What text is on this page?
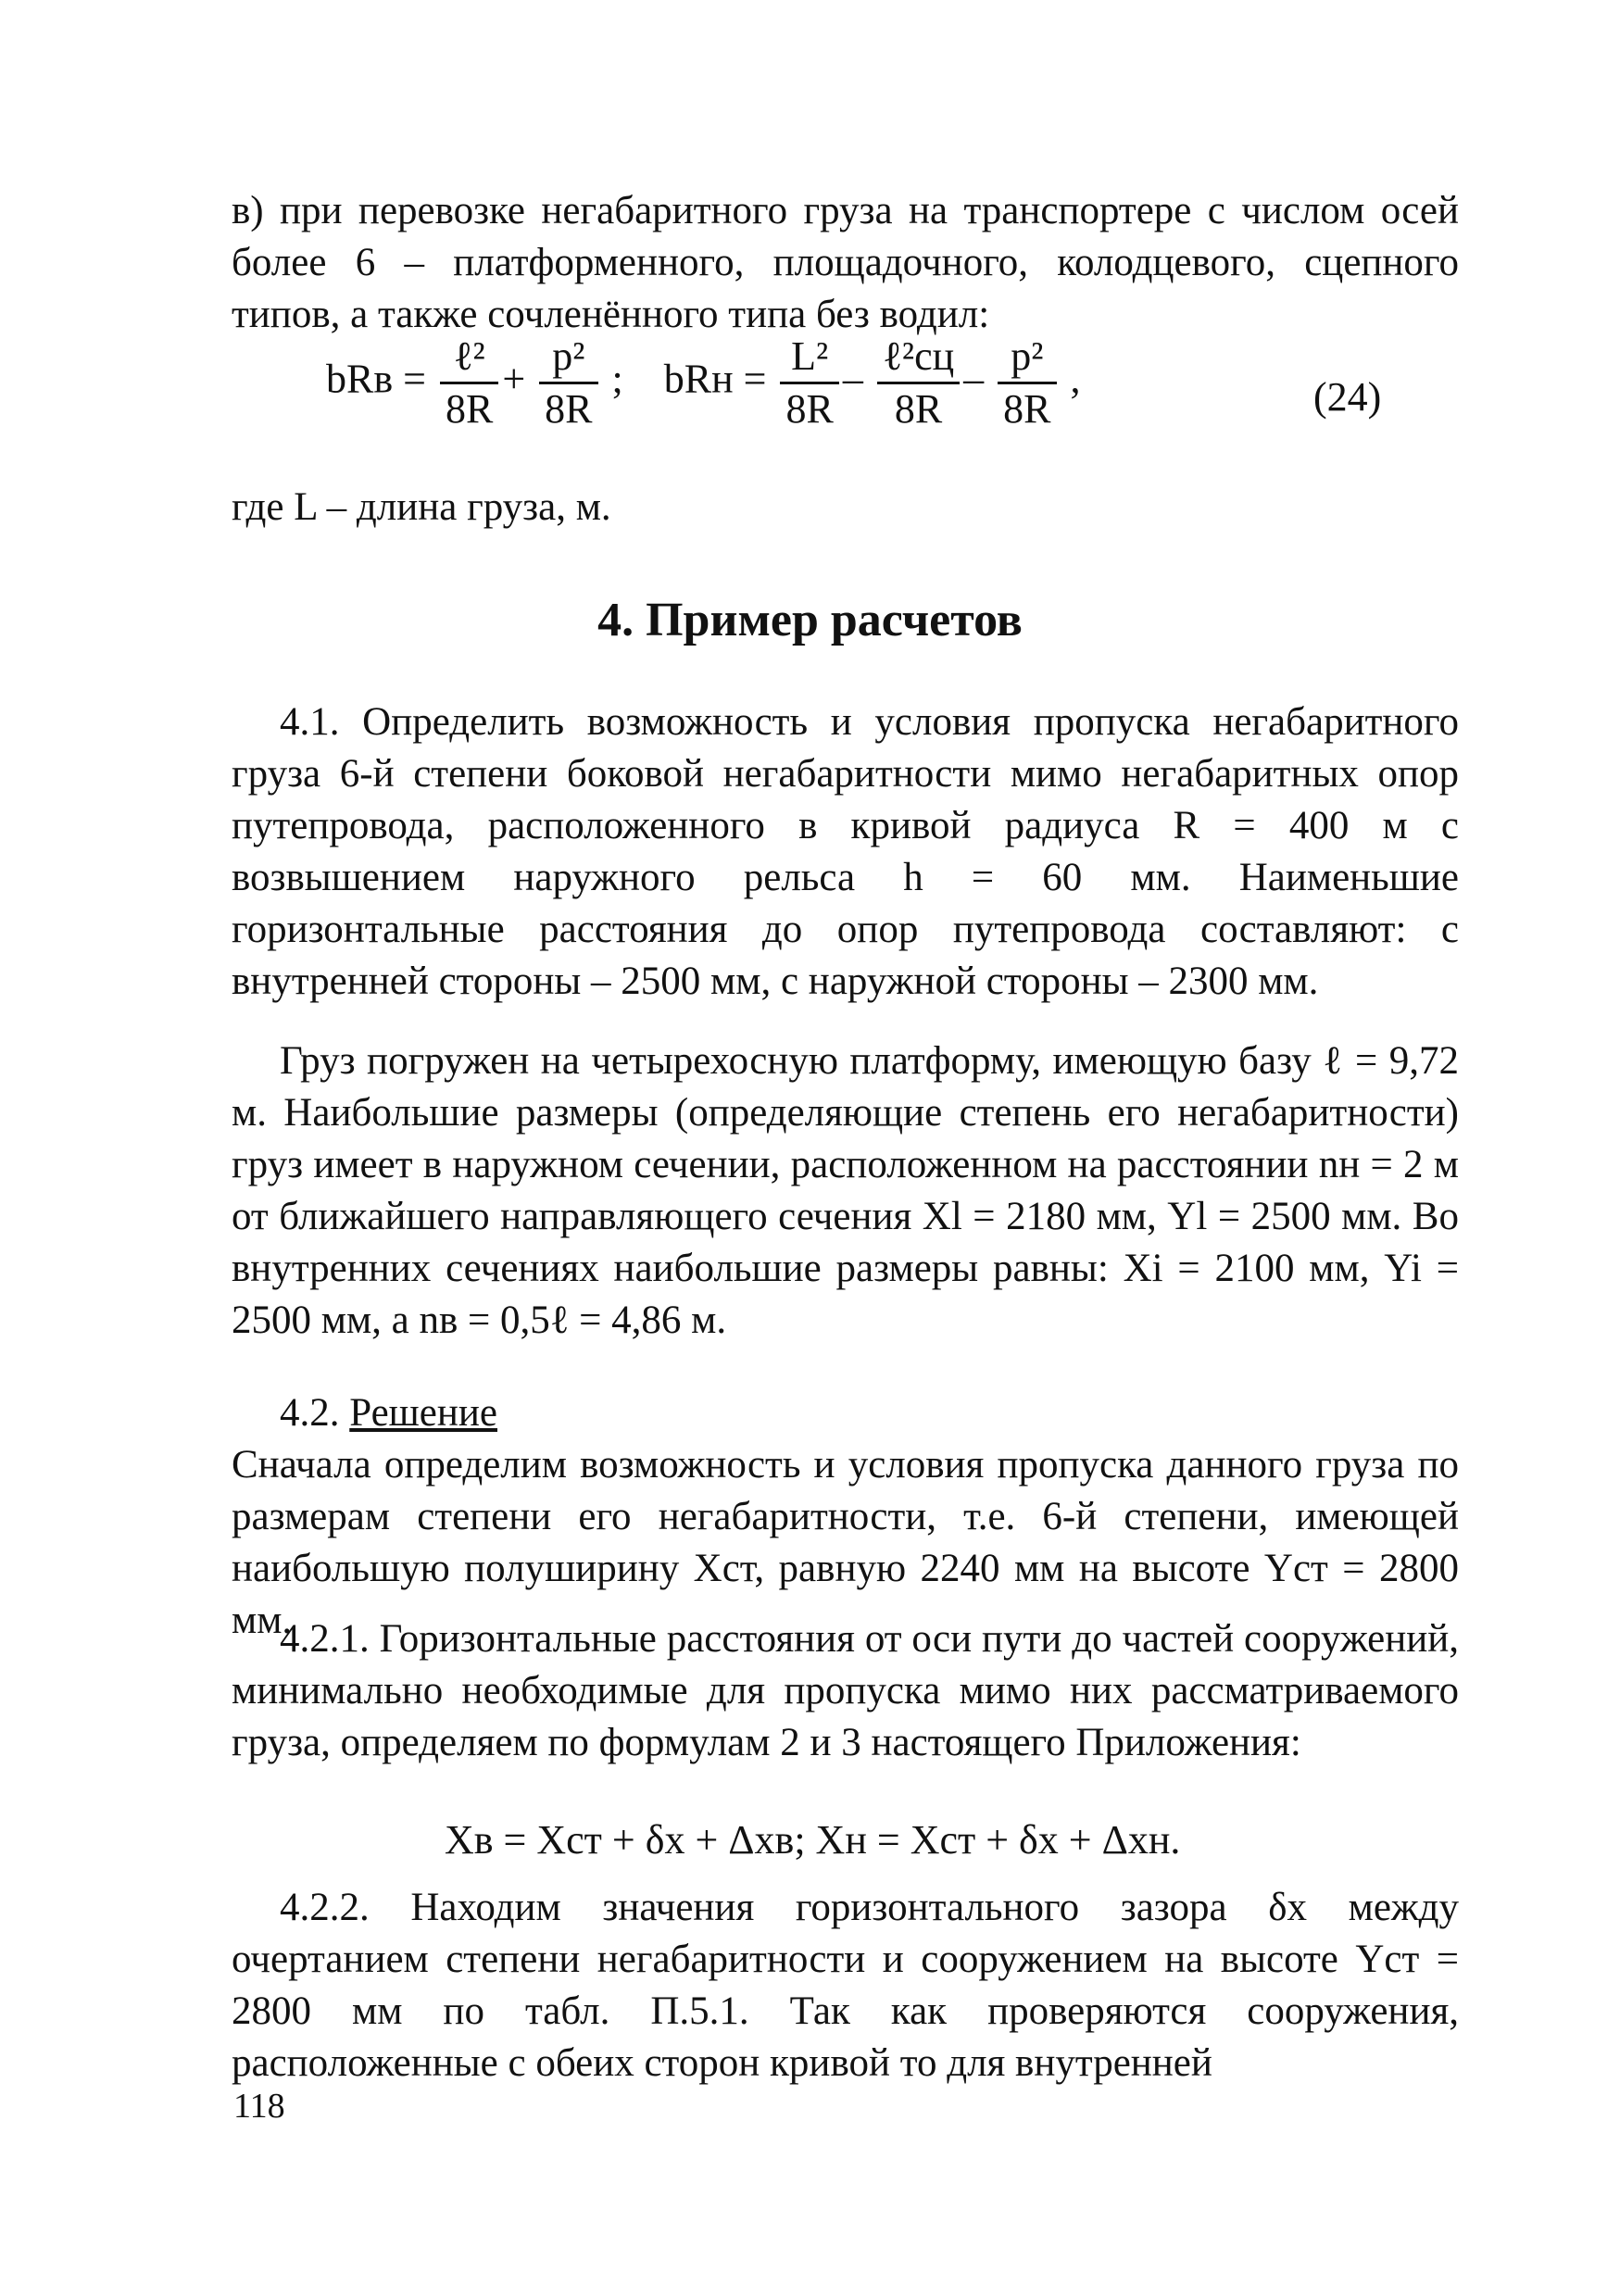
в) при перевозке негабаритного груза на транспортере с числом осей более 6 – платформенного, площадочного, колодцевого, сцепного типов, а также сочленённого типа без водил:

bRв = $\frac{\text{ℓ²}}{8R} + \frac{\text{p²}}{8R}$ ; bRн = $\frac{\text{L²}}{8R} - \frac{\text{ℓ²сц}}{8R} - \frac{\text{p²}}{8R}$ ,	(24)

где L – длина груза, м.

4. Пример расчетов

4.1. Определить возможность и условия пропуска негабаритного груза 6-й степени боковой негабаритности мимо негабаритных опор путепровода, расположенного в кривой радиуса R = 400 м с возвышением наружного рельса h = 60 мм. Наименьшие горизонтальные расстояния до опор путепровода составляют: с внутренней стороны – 2500 мм, с наружной стороны – 2300 мм.

Груз погружен на четырехосную платформу, имеющую базу ℓ = 9,72 м. Наибольшие размеры (определяющие степень его негабаритности) груз имеет в наружном сечении, расположенном на расстоянии nн = 2 м от ближайшего направляющего сечения Xl = 2180 мм, Yl = 2500 мм. Во внутренних сечениях наибольшие размеры равны: Xi = 2100 мм, Yi = 2500 мм, а nв = 0,5ℓ = 4,86 м.

4.2. Решение

Сначала определим возможность и условия пропуска данного груза по размерам степени его негабаритности, т.е. 6-й степени, имеющей наибольшую полуширину Xст, равную 2240 мм на высоте Yст = 2800 мм.

4.2.1. Горизонтальные расстояния от оси пути до частей сооружений, минимально необходимые для пропуска мимо них рассматриваемого груза, определяем по формулам 2 и 3 настоящего Приложения:

Xв = Xст + δx + Δxв; Xн = Xст + δx + Δxн.

4.2.2. Находим значения горизонтального зазора δx между очертанием степени негабаритности и сооружением на высоте Yст = 2800 мм по табл. П.5.1. Так как проверяются сооружения, расположенные с обеих сторон кривой то для внутренней

118
